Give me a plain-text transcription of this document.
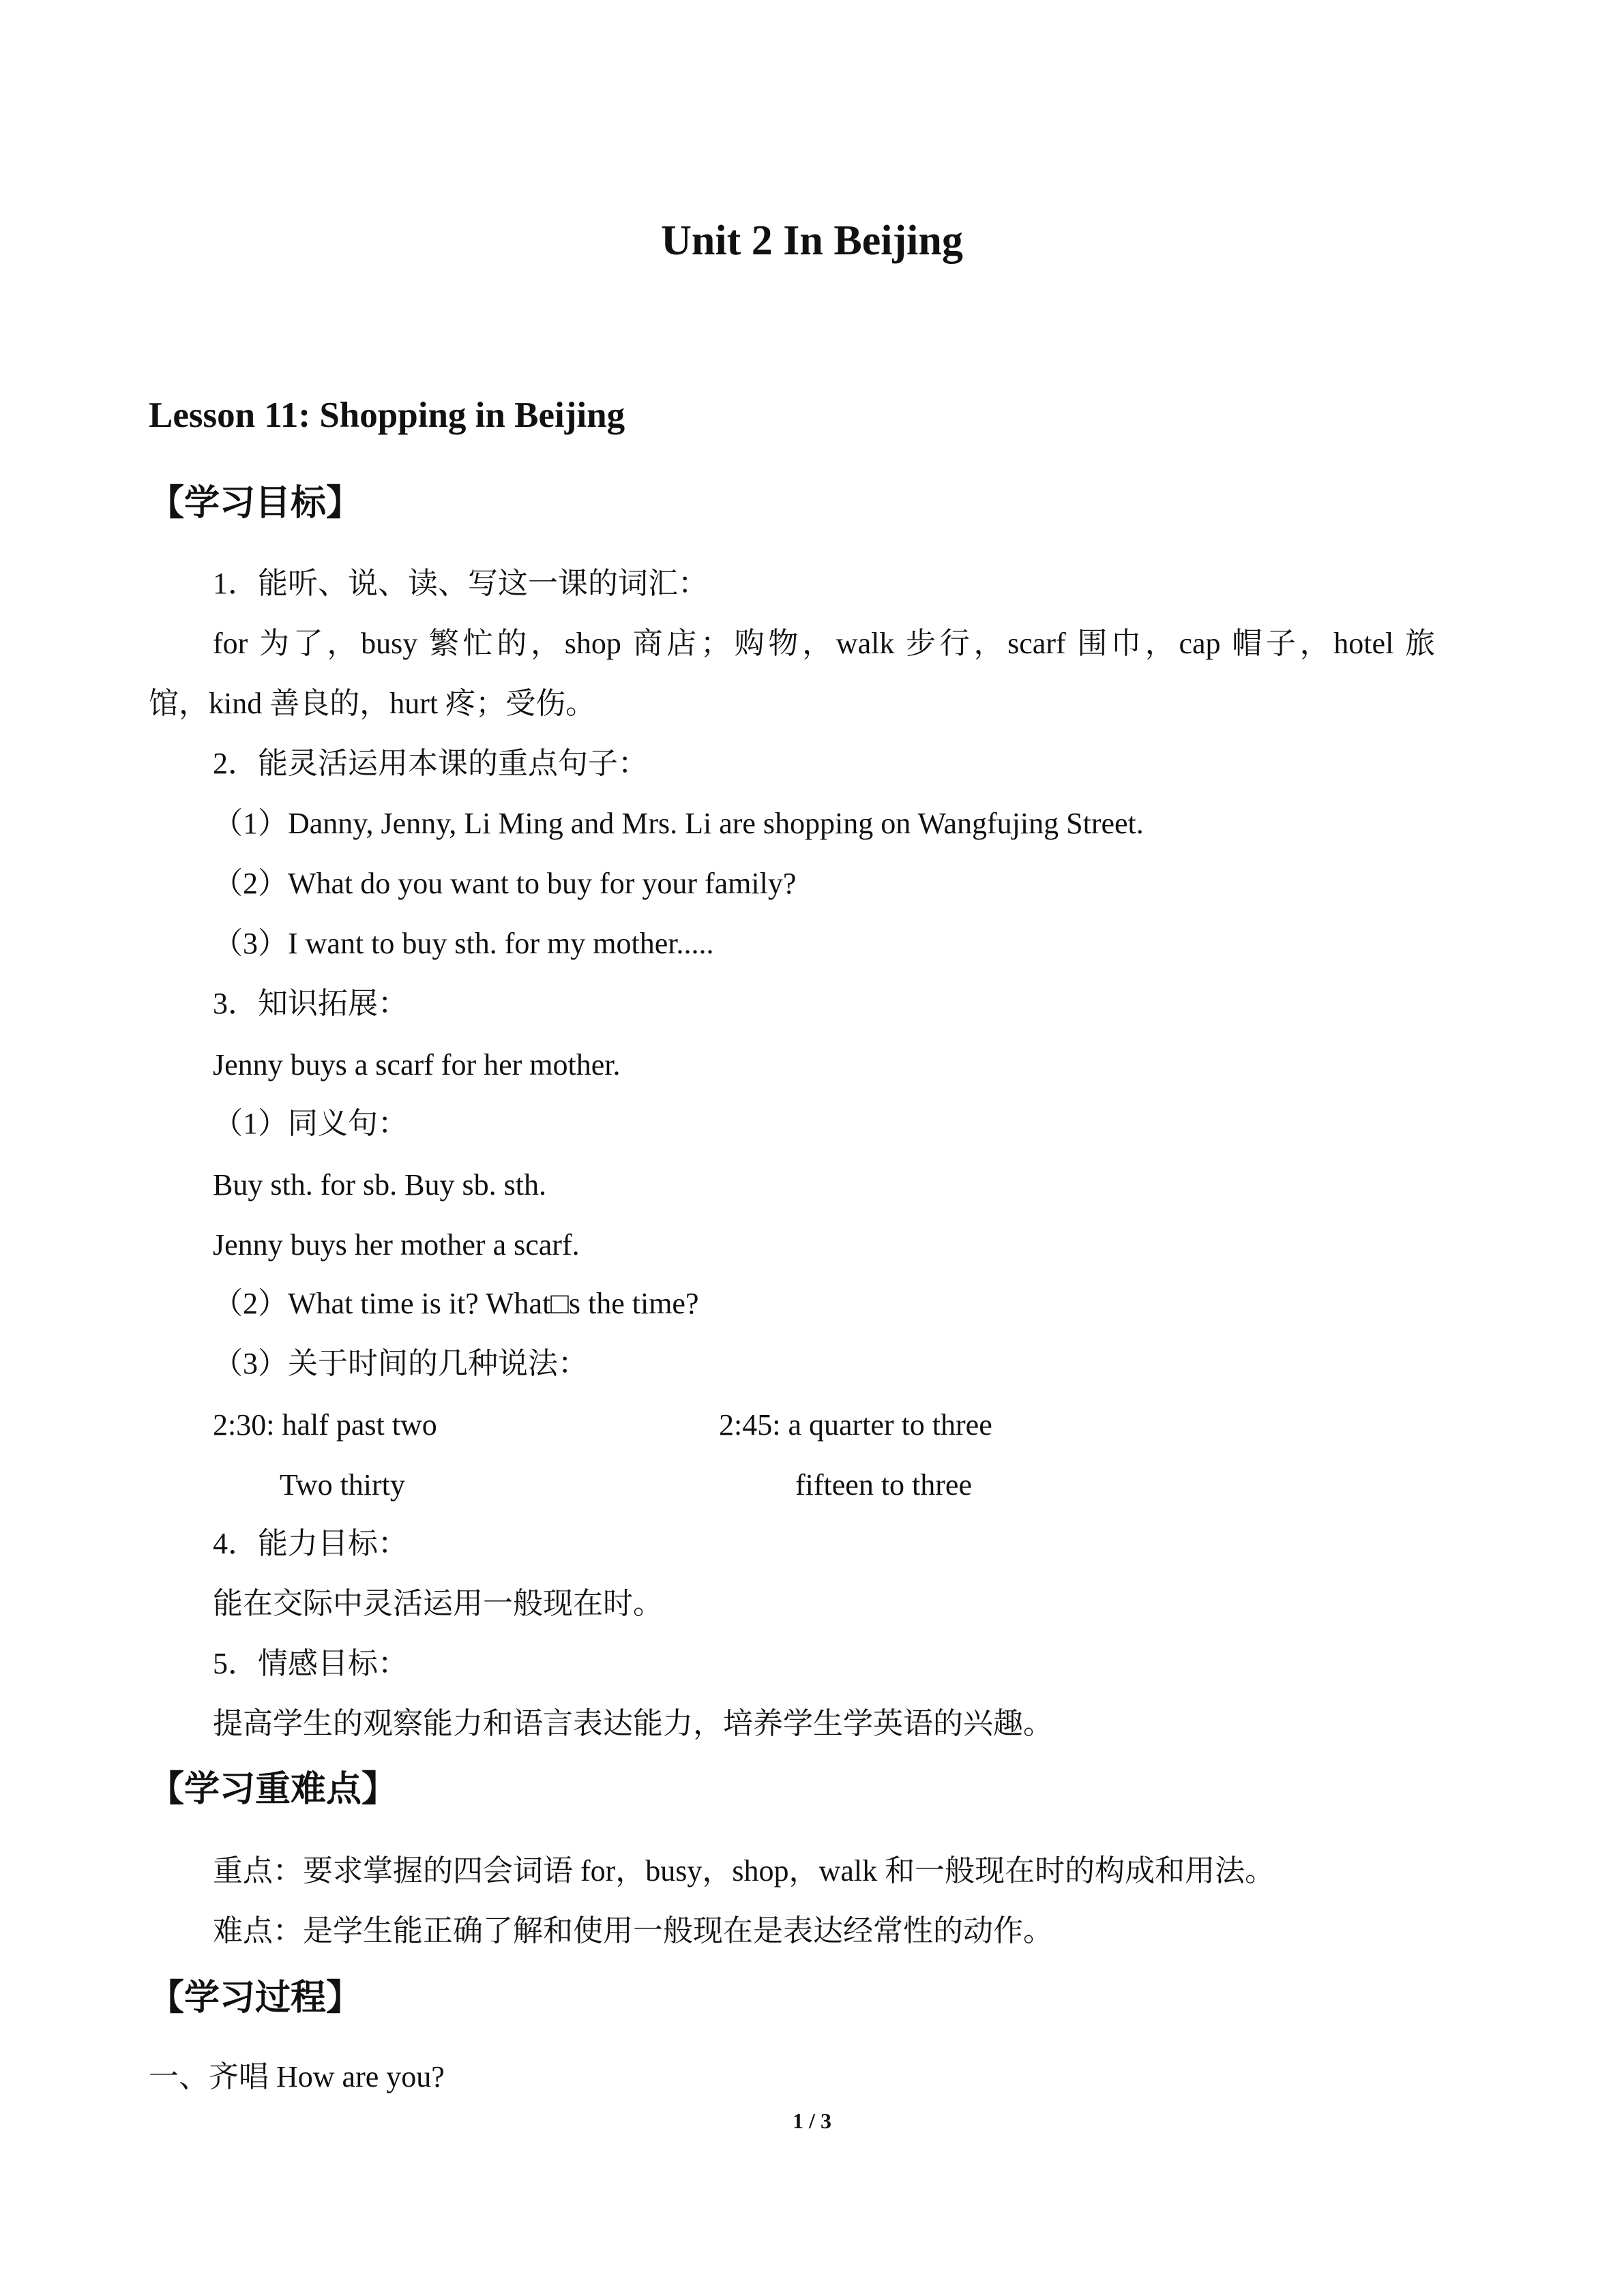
Unit 2 In Beijing
Lesson 11: Shopping in Beijing
【学习目标】
1．能听、说、读、写这一课的词汇：
for 为了，busy 繁忙的，shop 商店；购物，walk 步行，scarf 围巾，cap 帽子，hotel 旅
馆，kind 善良的，hurt 疼；受伤。
2．能灵活运用本课的重点句子：
（1）Danny, Jenny, Li Ming and Mrs. Li are shopping on Wangfujing Street.
（2）What do you want to buy for your family?
（3）I want to buy sth. for my mother.....
3．知识拓展：
Jenny buys a scarf for her mother.
（1）同义句：
Buy sth. for sb. Buy sb. sth.
Jenny buys her mother a scarf.
（2）What time is it? What□s the time?
（3）关于时间的几种说法：
2:30: half past two	2:45: a quarter to three
Two thirty	fifteen to three
4．能力目标：
能在交际中灵活运用一般现在时。
5．情感目标：
提高学生的观察能力和语言表达能力，培养学生学英语的兴趣。
【学习重难点】
重点：要求掌握的四会词语 for，busy，shop，walk 和一般现在时的构成和用法。
难点：是学生能正确了解和使用一般现在是表达经常性的动作。
【学习过程】
一、齐唱 How are you?
1 / 3
